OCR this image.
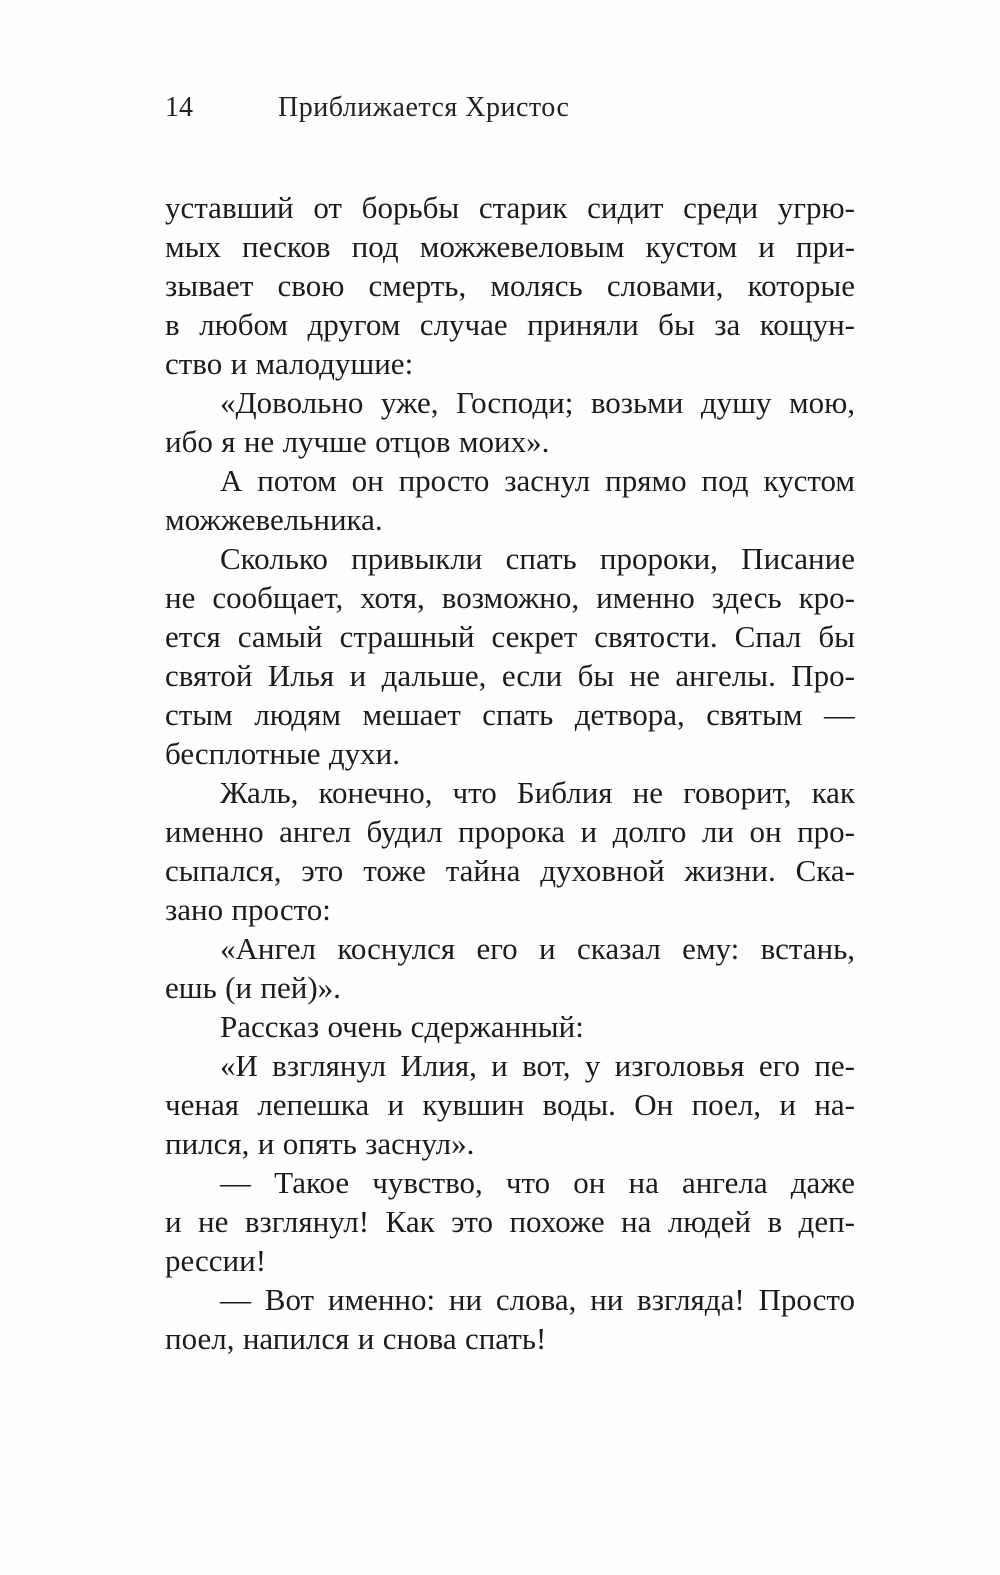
14	Приближается Христос
уставший от борьбы старик сидит среди угрю-
мых песков под можжевеловым кустом и при-
зывает свою смерть, молясь словами, которые
в любом другом случае приняли бы за кощун-
ство и малодушие:
«Довольно уже, Господи; возьми душу мою,
ибо я не лучше отцов моих».
А потом он просто заснул прямо под кустом
можжевельника.
Сколько привыкли спать пророки, Писание
не сообщает, хотя, возможно, именно здесь кро-
ется самый страшный секрет святости. Спал бы
святой Илья и дальше, если бы не ангелы. Про-
стым людям мешает спать детвора, святым —
бесплотные духи.
Жаль, конечно, что Библия не говорит, как
именно ангел будил пророка и долго ли он про-
сыпался, это тоже тайна духовной жизни. Ска-
зано просто:
«Ангел коснулся его и сказал ему: встань,
ешь (и пей)».
Рассказ очень сдержанный:
«И взглянул Илия, и вот, у изголовья его пе-
ченая лепешка и кувшин воды. Он поел, и на-
пился, и опять заснул».
— Такое чувство, что он на ангела даже
и не взглянул! Как это похоже на людей в деп-
рессии!
— Вот именно: ни слова, ни взгляда! Просто
поел, напился и снова спать!
